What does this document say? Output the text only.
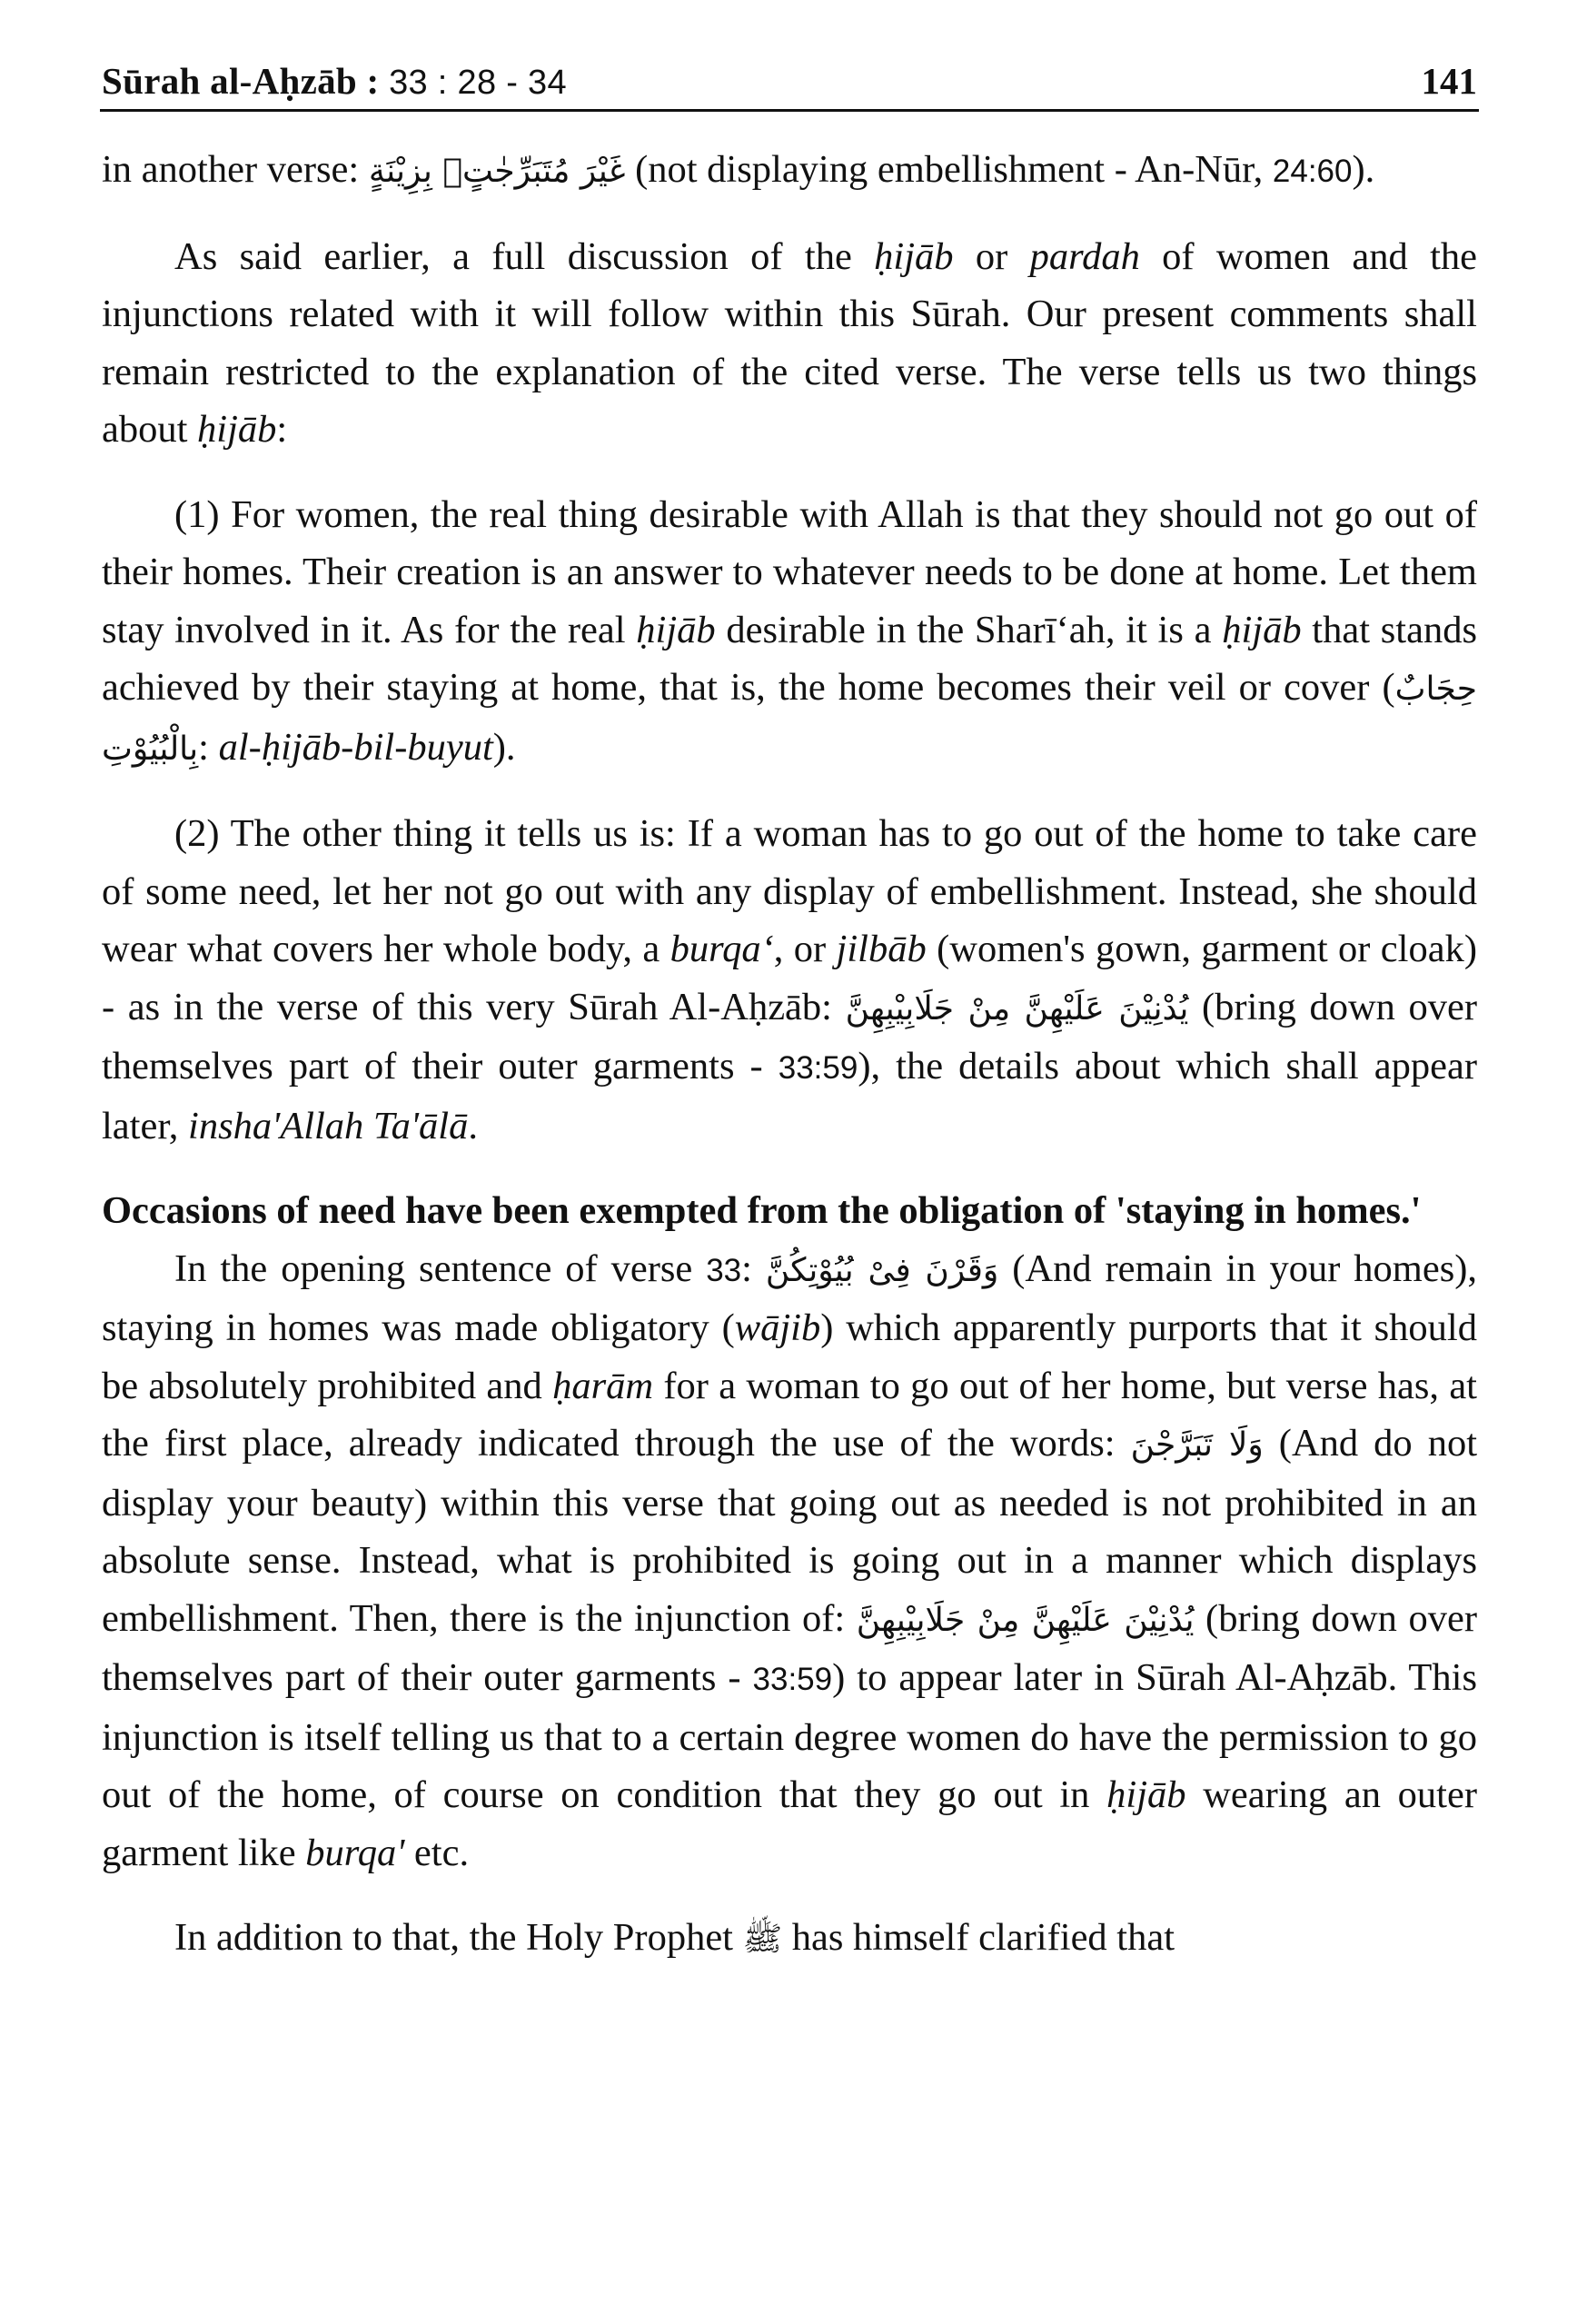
Sūrah al-Aḥzāb : 33 : 28 - 34	141

in another verse: غَيْرَ مُتَبَرِّجٰتٍۭ بِزِيْنَةٍ (not displaying embellishment - An-Nūr, 24:60).

As said earlier, a full discussion of the ḥijāb or pardah of women and the injunctions related with it will follow within this Sūrah. Our present comments shall remain restricted to the explanation of the cited verse. The verse tells us two things about ḥijāb:

(1) For women, the real thing desirable with Allah is that they should not go out of their homes. Their creation is an answer to whatever needs to be done at home. Let them stay involved in it. As for the real ḥijāb desirable in the Sharī‘ah, it is a ḥijāb that stands achieved by their staying at home, that is, the home becomes their veil or cover (حِجَابٌ بِالْبُيُوْتِ: al-ḥijāb-bil-buyut).

(2) The other thing it tells us is: If a woman has to go out of the home to take care of some need, let her not go out with any display of embellishment. Instead, she should wear what covers her whole body, a burqa‘, or jilbāb (women's gown, garment or cloak) - as in the verse of this very Sūrah Al-Aḥzāb: يُدْنِيْنَ عَلَيْهِنَّ مِنْ جَلَابِيْبِهِنَّ (bring down over themselves part of their outer garments - 33:59), the details about which shall appear later, insha'Allah Ta'ālā.

Occasions of need have been exempted from the obligation of 'staying in homes.'

In the opening sentence of verse 33: وَقَرْنَ فِىْ بُيُوْتِكُنَّ (And remain in your homes), staying in homes was made obligatory (wājib) which apparently purports that it should be absolutely prohibited and ḥarām for a woman to go out of her home, but verse has, at the first place, already indicated through the use of the words: وَلَا تَبَرَّجْنَ (And do not display your beauty) within this verse that going out as needed is not prohibited in an absolute sense. Instead, what is prohibited is going out in a manner which displays embellishment. Then, there is the injunction of: يُدْنِيْنَ عَلَيْهِنَّ مِنْ جَلَابِيْبِهِنَّ (bring down over themselves part of their outer garments - 33:59) to appear later in Sūrah Al-Aḥzāb. This injunction is itself telling us that to a certain degree women do have the permission to go out of the home, of course on condition that they go out in ḥijāb wearing an outer garment like burqa' etc.

In addition to that, the Holy Prophet ﷺ has himself clarified that
